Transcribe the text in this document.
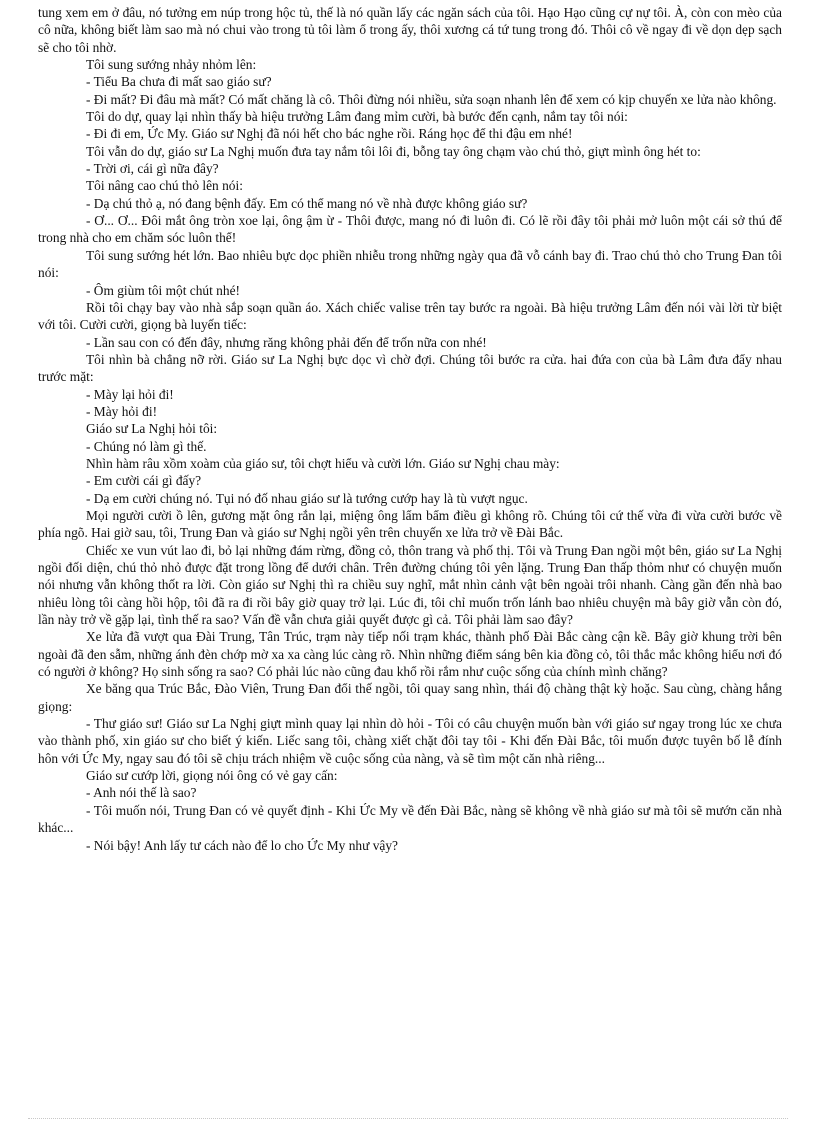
tung xem em ở đâu, nó tưởng em núp trong hộc tủ, thế là nó quần lấy các ngăn sách của tôi. Hạo Hạo cũng cự nự tôi. À, còn con mèo của cô nữa, không biết làm sao mà nó chui vào trong tủ tôi làm ổ trong ấy, thôi xương cá tứ tung trong đó. Thôi cô về ngay đi về dọn dẹp sạch sẽ cho tôi nhờ.

Tôi sung sướng nhảy nhỏm lên:

- Tiểu Ba chưa đi mất sao giáo sư?

- Đi mất? Đi đâu mà mất? Có mất chăng là cô. Thôi đừng nói nhiều, sửa soạn nhanh lên để xem có kịp chuyến xe lửa nào không.

Tôi do dự, quay lại nhìn thấy bà hiệu trưởng Lâm đang mỉm cười, bà bước đến cạnh, nắm tay tôi nói:

- Đi đi em, Ức My. Giáo sư Nghị đã nói hết cho bác nghe rồi. Ráng học để thi đậu em nhé!

Tôi vẫn do dự, giáo sư La Nghị muốn đưa tay nắm tôi lôi đi, bỗng tay ông chạm vào chú thỏ, giựt mình ông hét to:

- Trời ơi, cái gì nữa đây?

Tôi nâng cao chú thỏ lên nói:

- Dạ chú thỏ ạ, nó đang bệnh đấy. Em có thể mang nó về nhà được không giáo sư?

- Ơ... Ơ... Đôi mắt ông tròn xoe lại, ông ậm ừ - Thôi được, mang nó đi luôn đi. Có lẽ rồi đây tôi phải mở luôn một cái sở thú để trong nhà cho em chăm sóc luôn thể!

Tôi sung sướng hét lớn. Bao nhiêu bực dọc phiền nhiễu trong những ngày qua đã vỗ cánh bay đi. Trao chú thỏ cho Trung Đan tôi nói:

- Ôm giùm tôi một chút nhé!

Rồi tôi chạy bay vào nhà sắp soạn quần áo. Xách chiếc valise trên tay bước ra ngoài. Bà hiệu trưởng Lâm đến nói vài lời từ biệt với tôi. Cười cười, giọng bà luyến tiếc:

- Lần sau con có đến đây, nhưng răng không phải đến để trốn nữa con nhé!

Tôi nhìn bà chẳng nỡ rời. Giáo sư La Nghị bực dọc vì chờ đợi. Chúng tôi bước ra cửa. hai đứa con của bà Lâm đưa đẩy nhau trước mặt:

- Mày lại hỏi đi!

- Mày hỏi đi!

Giáo sư La Nghị hỏi tôi:

- Chúng nó làm gì thế.

Nhìn hàm râu xồm xoàm của giáo sư, tôi chợt hiểu và cười lớn. Giáo sư Nghị chau mày:

- Em cười cái gì đấy?

- Dạ em cười chúng nó. Tụi nó đố nhau giáo sư là tướng cướp hay là tù vượt ngục.

Mọi người cười ồ lên, gương mặt ông rắn lại, miệng ông lẩm bẩm điều gì không rõ. Chúng tôi cứ thế vừa đi vừa cười bước về phía ngõ. Hai giờ sau, tôi, Trung Đan và giáo sư Nghị ngồi yên trên chuyến xe lửa trở về Đài Bắc.

Chiếc xe vun vút lao đi, bỏ lại những đám rừng, đồng cỏ, thôn trang và phố thị. Tôi và Trung Đan ngồi một bên, giáo sư La Nghị ngồi đối diện, chú thỏ nhỏ được đặt trong lồng để dưới chân. Trên đường chúng tôi yên lặng. Trung Đan thấp thỏm như có chuyện muốn nói nhưng vẫn không thốt ra lời. Còn giáo sư Nghị thì ra chiều suy nghĩ, mắt nhìn cảnh vật bên ngoài trôi nhanh. Càng gần đến nhà bao nhiêu lòng tôi càng hồi hộp, tôi đã ra đi rồi bây giờ quay trở lại. Lúc đi, tôi chỉ muốn trốn lánh bao nhiêu chuyện mà bây giờ vẫn còn đó, lần này trở về gặp lại, tình thế ra sao? Vấn đề vẫn chưa giải quyết được gì cả. Tôi phải làm sao đây?

Xe lửa đã vượt qua Đài Trung, Tân Trúc, trạm này tiếp nối trạm khác, thành phố Đài Bắc càng cận kề. Bây giờ khung trời bên ngoài đã đen sẫm, những ánh đèn chớp mờ xa xa càng lúc càng rõ. Nhìn những điểm sáng bên kia đồng cỏ, tôi thắc mắc không hiểu nơi đó có người ở không? Họ sinh sống ra sao? Có phải lúc nào cũng đau khổ rồi rắm như cuộc sống của chính mình chăng?

Xe băng qua Trúc Bắc, Đào Viên, Trung Đan đổi thế ngồi, tôi quay sang nhìn, thái độ chàng thật kỳ hoặc. Sau cùng, chàng hắng giọng:

- Thư giáo sư! Giáo sư La Nghị giựt mình quay lại nhìn dò hỏi - Tôi có câu chuyện muốn bàn với giáo sư ngay trong lúc xe chưa vào thành phố, xin giáo sư cho biết ý kiến. Liếc sang tôi, chàng xiết chặt đôi tay tôi - Khi đến Đài Bắc, tôi muốn được tuyên bố lễ đính hôn với Ức My, ngay sau đó tôi sẽ chịu trách nhiệm về cuộc sống của nàng, và sẽ tìm một căn nhà riêng...

Giáo sư cướp lời, giọng nói ông có vẻ gay cấn:

- Anh nói thế là sao?

- Tôi muốn nói, Trung Đan có vẻ quyết định - Khi Ức My về đến Đài Bắc, nàng sẽ không về nhà giáo sư mà tôi sẽ mướn căn nhà khác...

- Nói bậy! Anh lấy tư cách nào để lo cho Ức My như vậy?
